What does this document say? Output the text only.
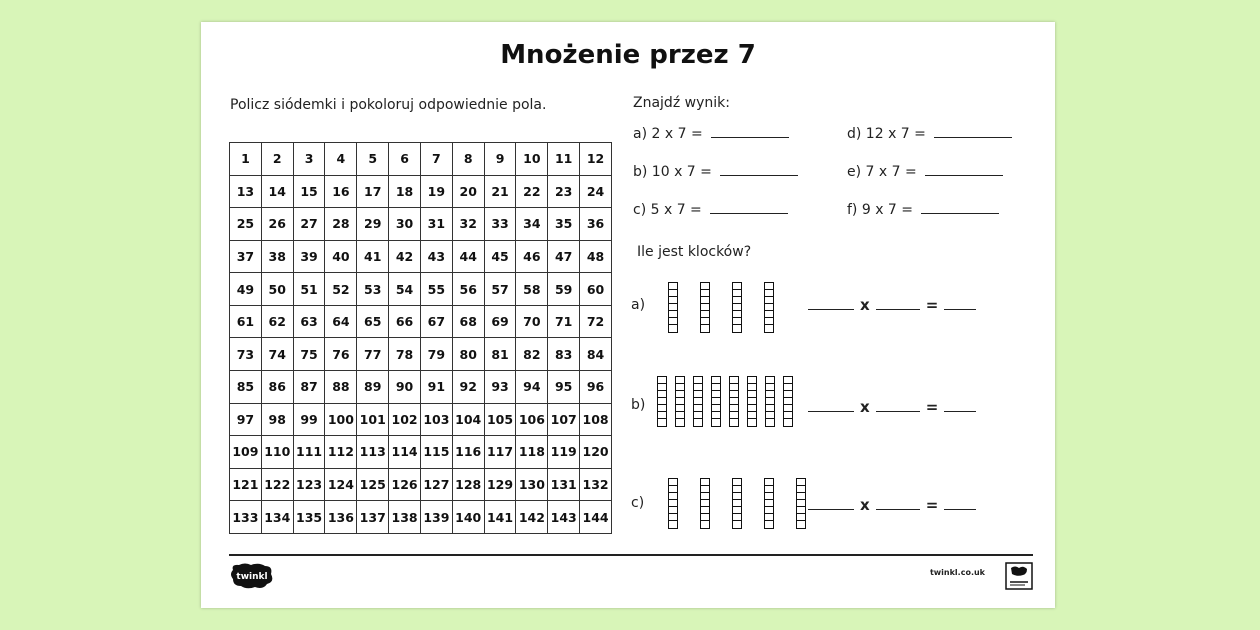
Mnożenie przez 7
Policz siódemki i pokoloruj odpowiednie pola.
1	2	3	4	5	6	7	8	9	10	11	12
13	14	15	16	17	18	19	20	21	22	23	24
25	26	27	28	29	30	31	32	33	34	35	36
37	38	39	40	41	42	43	44	45	46	47	48
49	50	51	52	53	54	55	56	57	58	59	60
61	62	63	64	65	66	67	68	69	70	71	72
73	74	75	76	77	78	79	80	81	82	83	84
85	86	87	88	89	90	91	92	93	94	95	96
97	98	99	100	101	102	103	104	105	106	107	108
109	110	111	112	113	114	115	116	117	118	119	120
121	122	123	124	125	126	127	128	129	130	131	132
133	134	135	136	137	138	139	140	141	142	143	144
Znajdź wynik:
a) 2 x 7 =
b) 10 x 7 =
c) 5 x 7 =
d) 12 x 7 =
e) 7 x 7 =
f) 9 x 7 =
Ile jest klocków?
a)	x	=
b)	x	=
c)	x	=
twinkl	twinkl.co.uk
